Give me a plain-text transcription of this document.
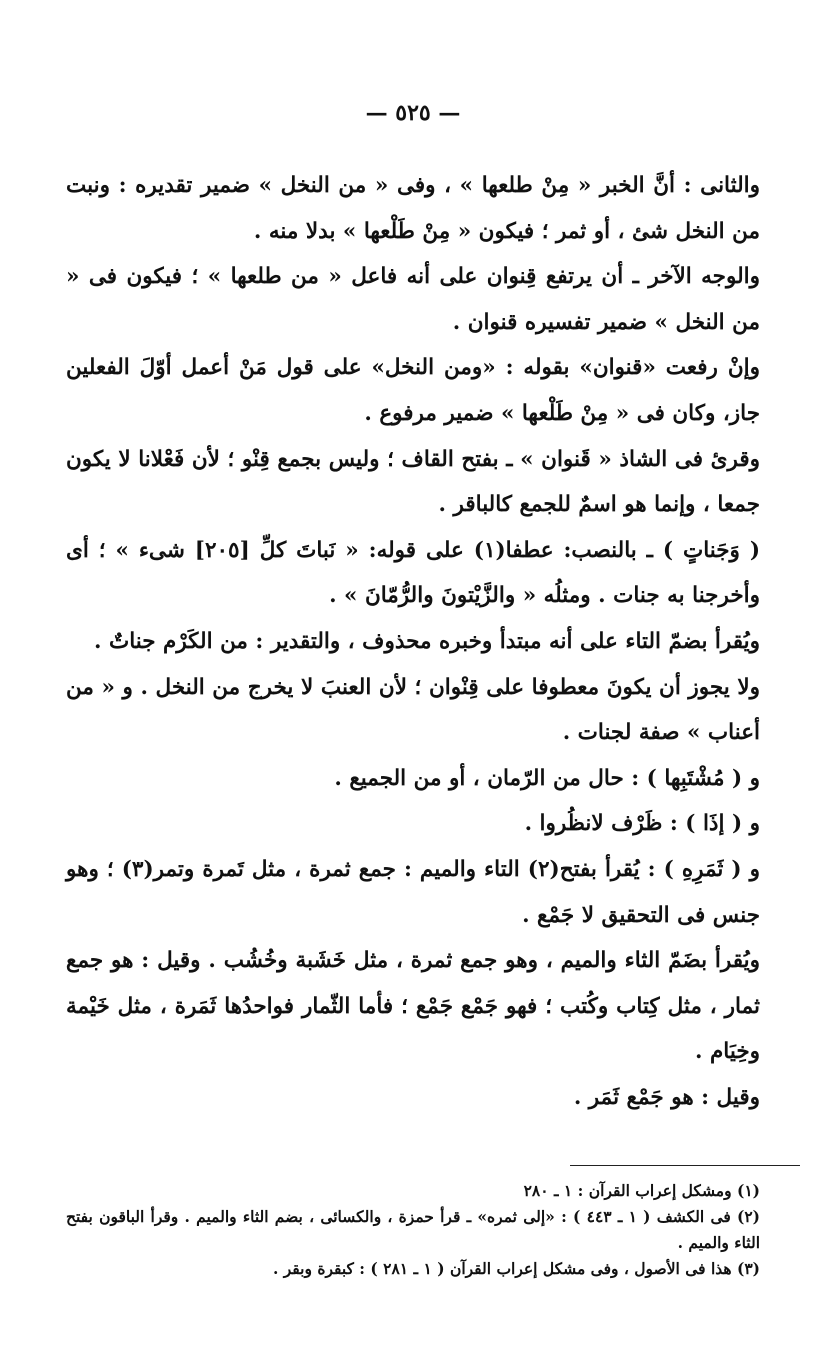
— ٥٢٥ —

والثانى : أنَّ الخبر « مِنْ طلعها » ، وفى « من النخل » ضمير تقديره : ونبت من النخل شئ ، أو ثمر ؛ فيكون « مِنْ طَلْعها » بدلا منه .

والوجه الآخر ـ أن يرتفع قِنوان على أنه فاعل « من طلعها » ؛ فيكون فى « من النخل » ضمير تفسيره قنوان .

وإنْ رفعت «قنوان» بقوله : «ومن النخل» على قول مَنْ أعمل أوّلَ الفعلين جاز، وكان فى « مِنْ طَلْعها » ضمير مرفوع .

وقرئ فى الشاذ « قَنوان » ـ بفتح القاف ؛ وليس بجمع قِنْو ؛ لأن فَعْلانا لا يكون جمعا ، وإنما هو اسمٌ للجمع كالباقر .

( وَجَناتٍ ) ـ بالنصب: عطفا(١) على قوله: « نَباتَ كلِّ [٢٠٥] شىء » ؛ أى وأخرجنا به جنات . ومثلُه « والزَّيْتونَ والرُّمّانَ » .

ويُقرأ بضمّ التاء على أنه مبتدأ وخبره محذوف ، والتقدير : من الكَرْم جناتٌ .

ولا يجوز أن يكونَ معطوفا على قِنْوان ؛ لأن العنبَ لا يخرج من النخل . و « من أعناب » صفة لجنات .

و ( مُشْتَبِها ) : حال من الرّمان ، أو من الجميع .

و ( إذَا ) : ظَرْف لانظُروا .

و ( ثَمَرِهِ ) : يُقرأ بفتح(٢) التاء والميم : جمع ثمرة ، مثل تَمرة وتمر(٣) ؛ وهو جنس فى التحقيق لا جَمْع .

ويُقرأ بضَمّ الثاء والميم ، وهو جمع ثمرة ، مثل خَشَبة وخُشُب . وقيل : هو جمع ثمار ، مثل كِتاب وكُتب ؛ فهو جَمْع جَمْع ؛ فأما الثّمار فواحدُها ثَمَرة ، مثل خَيْمة وخِيَام .

وقيل : هو جَمْع ثَمَر .

(١) ومشكل إعراب القرآن : ١ ـ ٢٨٠

(٢) فى الكشف ( ١ ـ ٤٤٣ ) : «إلى ثمره» ـ قرأ حمزة ، والكسائى ، بضم الثاء والميم . وقرأ الباقون بفتح الثاء والميم .

(٣) هذا فى الأصول ، وفى مشكل إعراب القرآن ( ١ ـ ٢٨١ ) : كبقرة وبقر .
